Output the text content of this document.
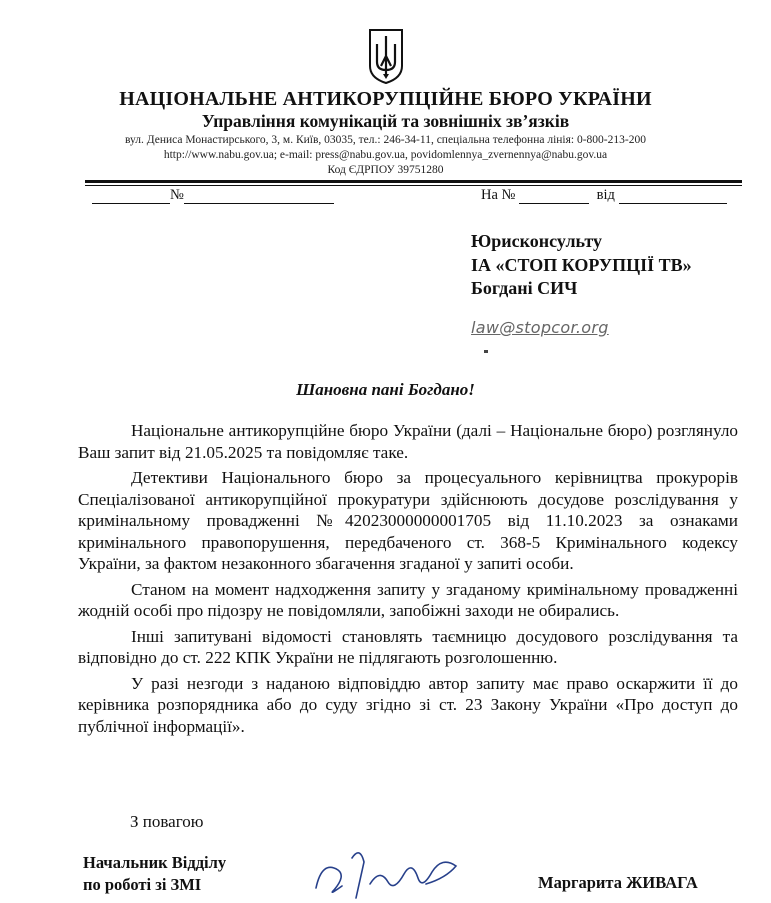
НАЦІОНАЛЬНЕ АНТИКОРУПЦІЙНЕ БЮРО УКРАЇНИ
Управління комунікацій та зовнішніх зв’язків
вул. Дениса Монастирського, 3, м. Київ, 03035, тел.: 246-34-11, спеціальна телефонна лінія: 0-800-213-200
http://www.nabu.gov.ua; e-mail: press@nabu.gov.ua, povidomlennya_zvernennya@nabu.gov.ua
Код ЄДРПОУ 39751280
№	На №	від
Юрисконсульту
ІА «СТОП КОРУПЦІЇ ТВ»
Богдані СИЧ
law@stopcor.org
Шановна пані Богдано!

Національне антикорупційне бюро України (далі – Національне бюро) розглянуло Ваш запит від 21.05.2025 та повідомляє таке.

Детективи Національного бюро за процесуального керівництва прокурорів Спеціалізованої антикорупційної прокуратури здійснюють досудове розслідування у кримінальному провадженні №42023000000001705 від 11.10.2023 за ознаками кримінального правопорушення, передбаченого ст. 368-5 Кримінального кодексу України, за фактом незаконного збагачення згаданої у запиті особи.

Станом на момент надходження запиту у згаданому кримінальному провадженні жодній особі про підозру не повідомляли, запобіжні заходи не обирались.

Інші запитувані відомості становлять таємницю досудового розслідування та відповідно до ст. 222 КПК України не підлягають розголошенню.

У разі незгоди з наданою відповіддю автор запиту має право оскаржити її до керівника розпорядника або до суду згідно зі ст. 23 Закону України «Про доступ до публічної інформації».

З повагою
Начальник Відділу
по роботі зі ЗМІ	Маргарита ЖИВАГА
